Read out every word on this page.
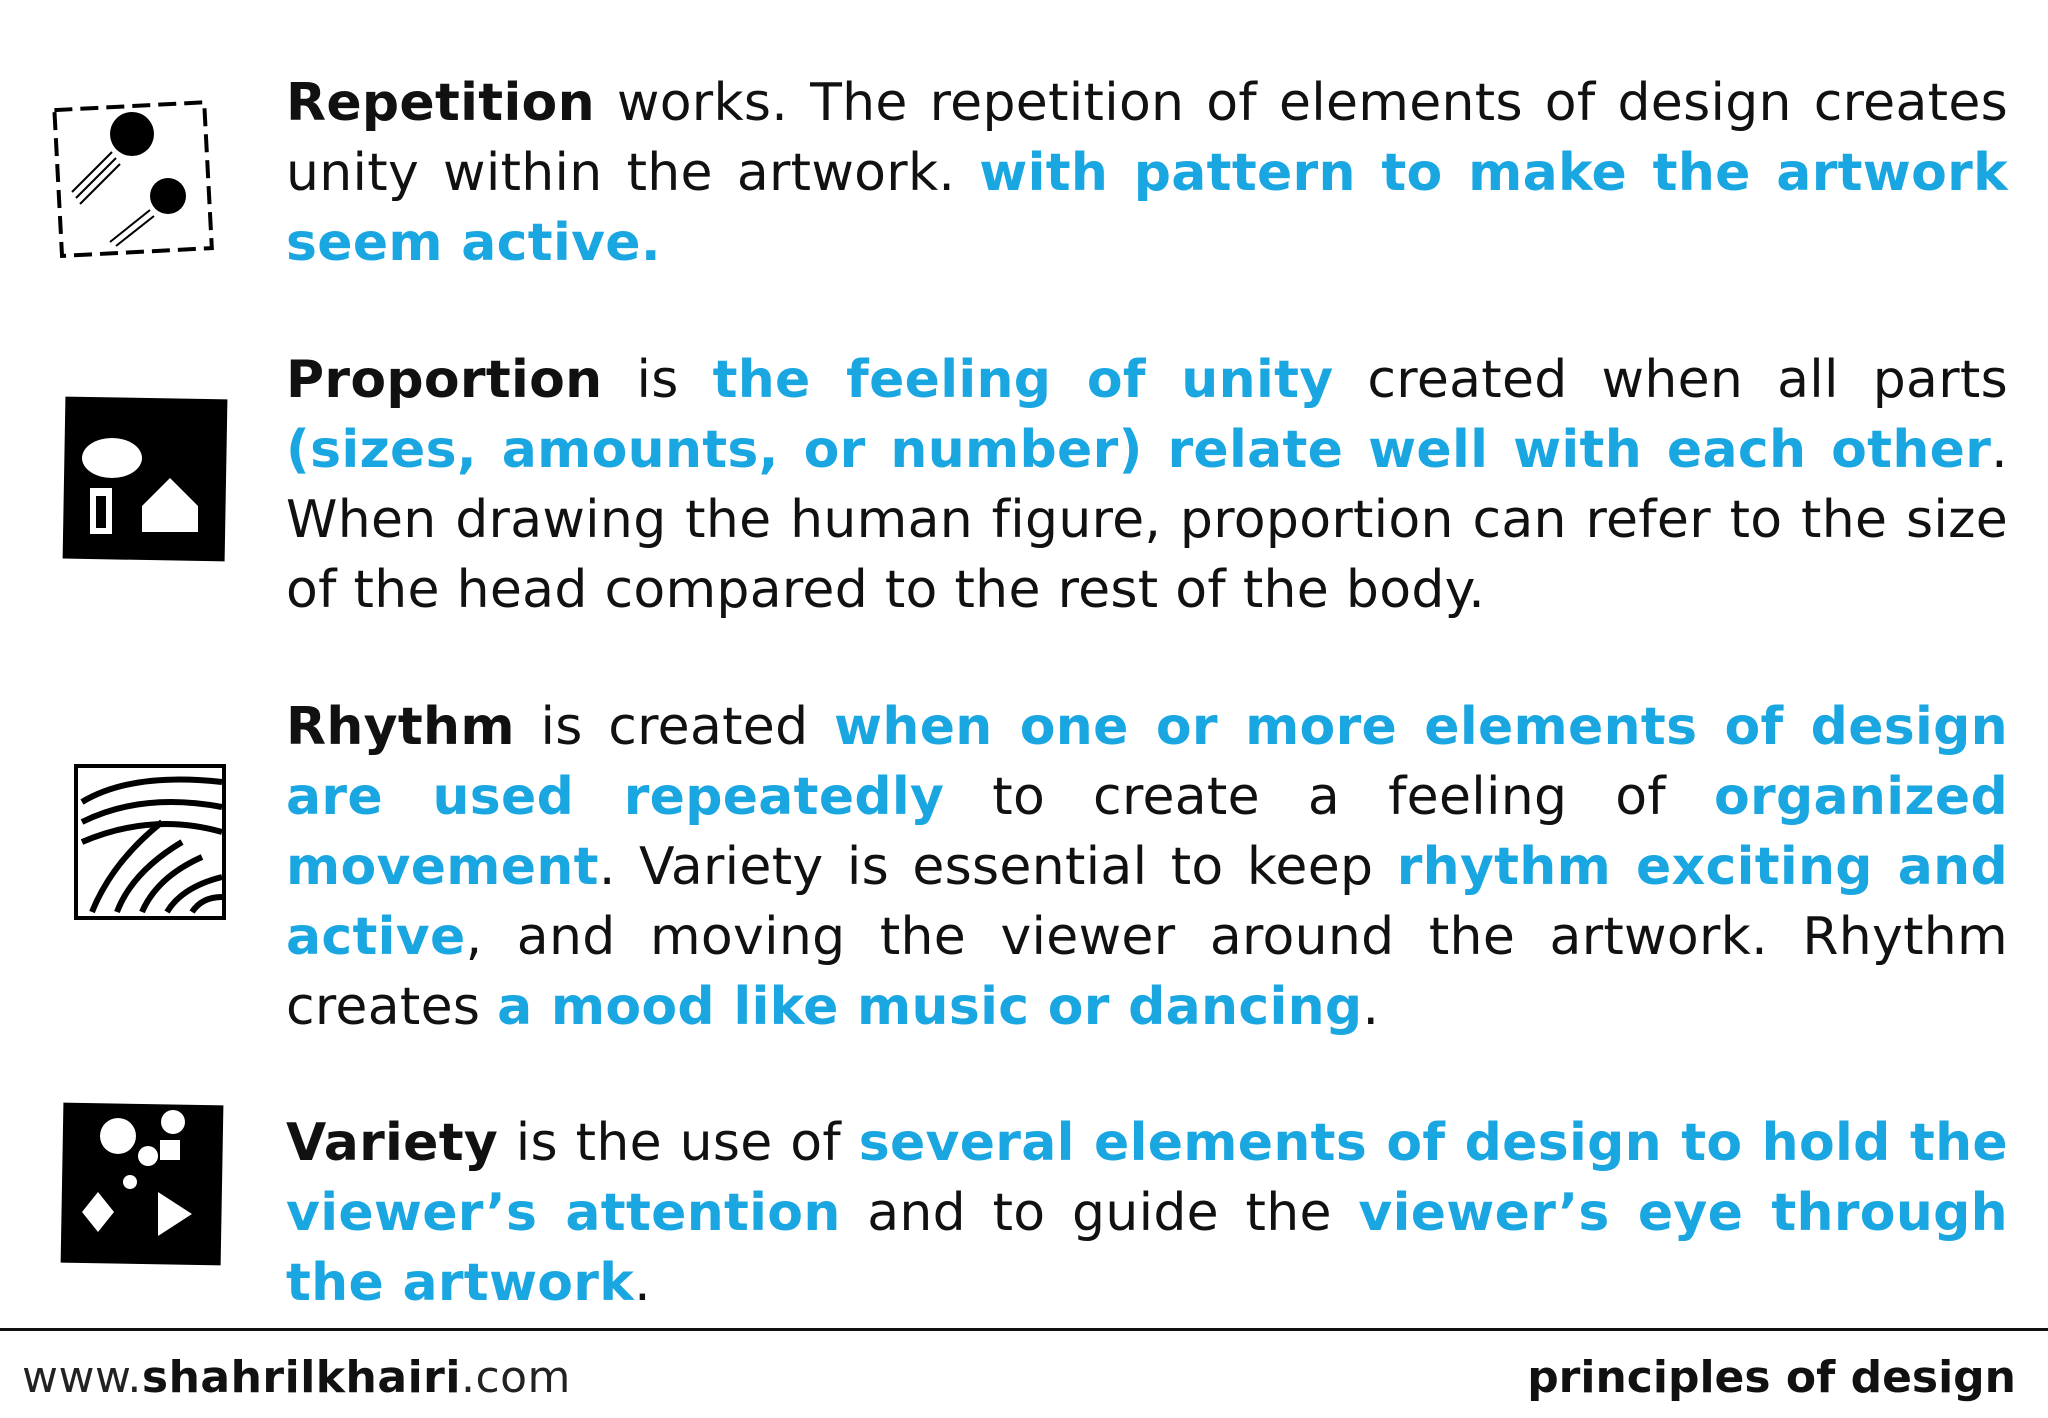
Repetition works. The repetition of elements of design creates unity within the artwork. with pattern to make the artwork seem active.
Proportion is the feeling of unity created when all parts (sizes, amounts, or number) relate well with each other. When drawing the human figure, proportion can refer to the size of the head compared to the rest of the body.
Rhythm is created when one or more elements of design are used repeatedly to create a feeling of organized movement. Variety is essential to keep rhythm exciting and active, and moving the viewer around the artwork. Rhythm creates a mood like music or dancing.
Variety is the use of several elements of design to hold the viewer’s attention and to guide the viewer’s eye through the artwork.
www.shahrilkhairi.com	principles of design
